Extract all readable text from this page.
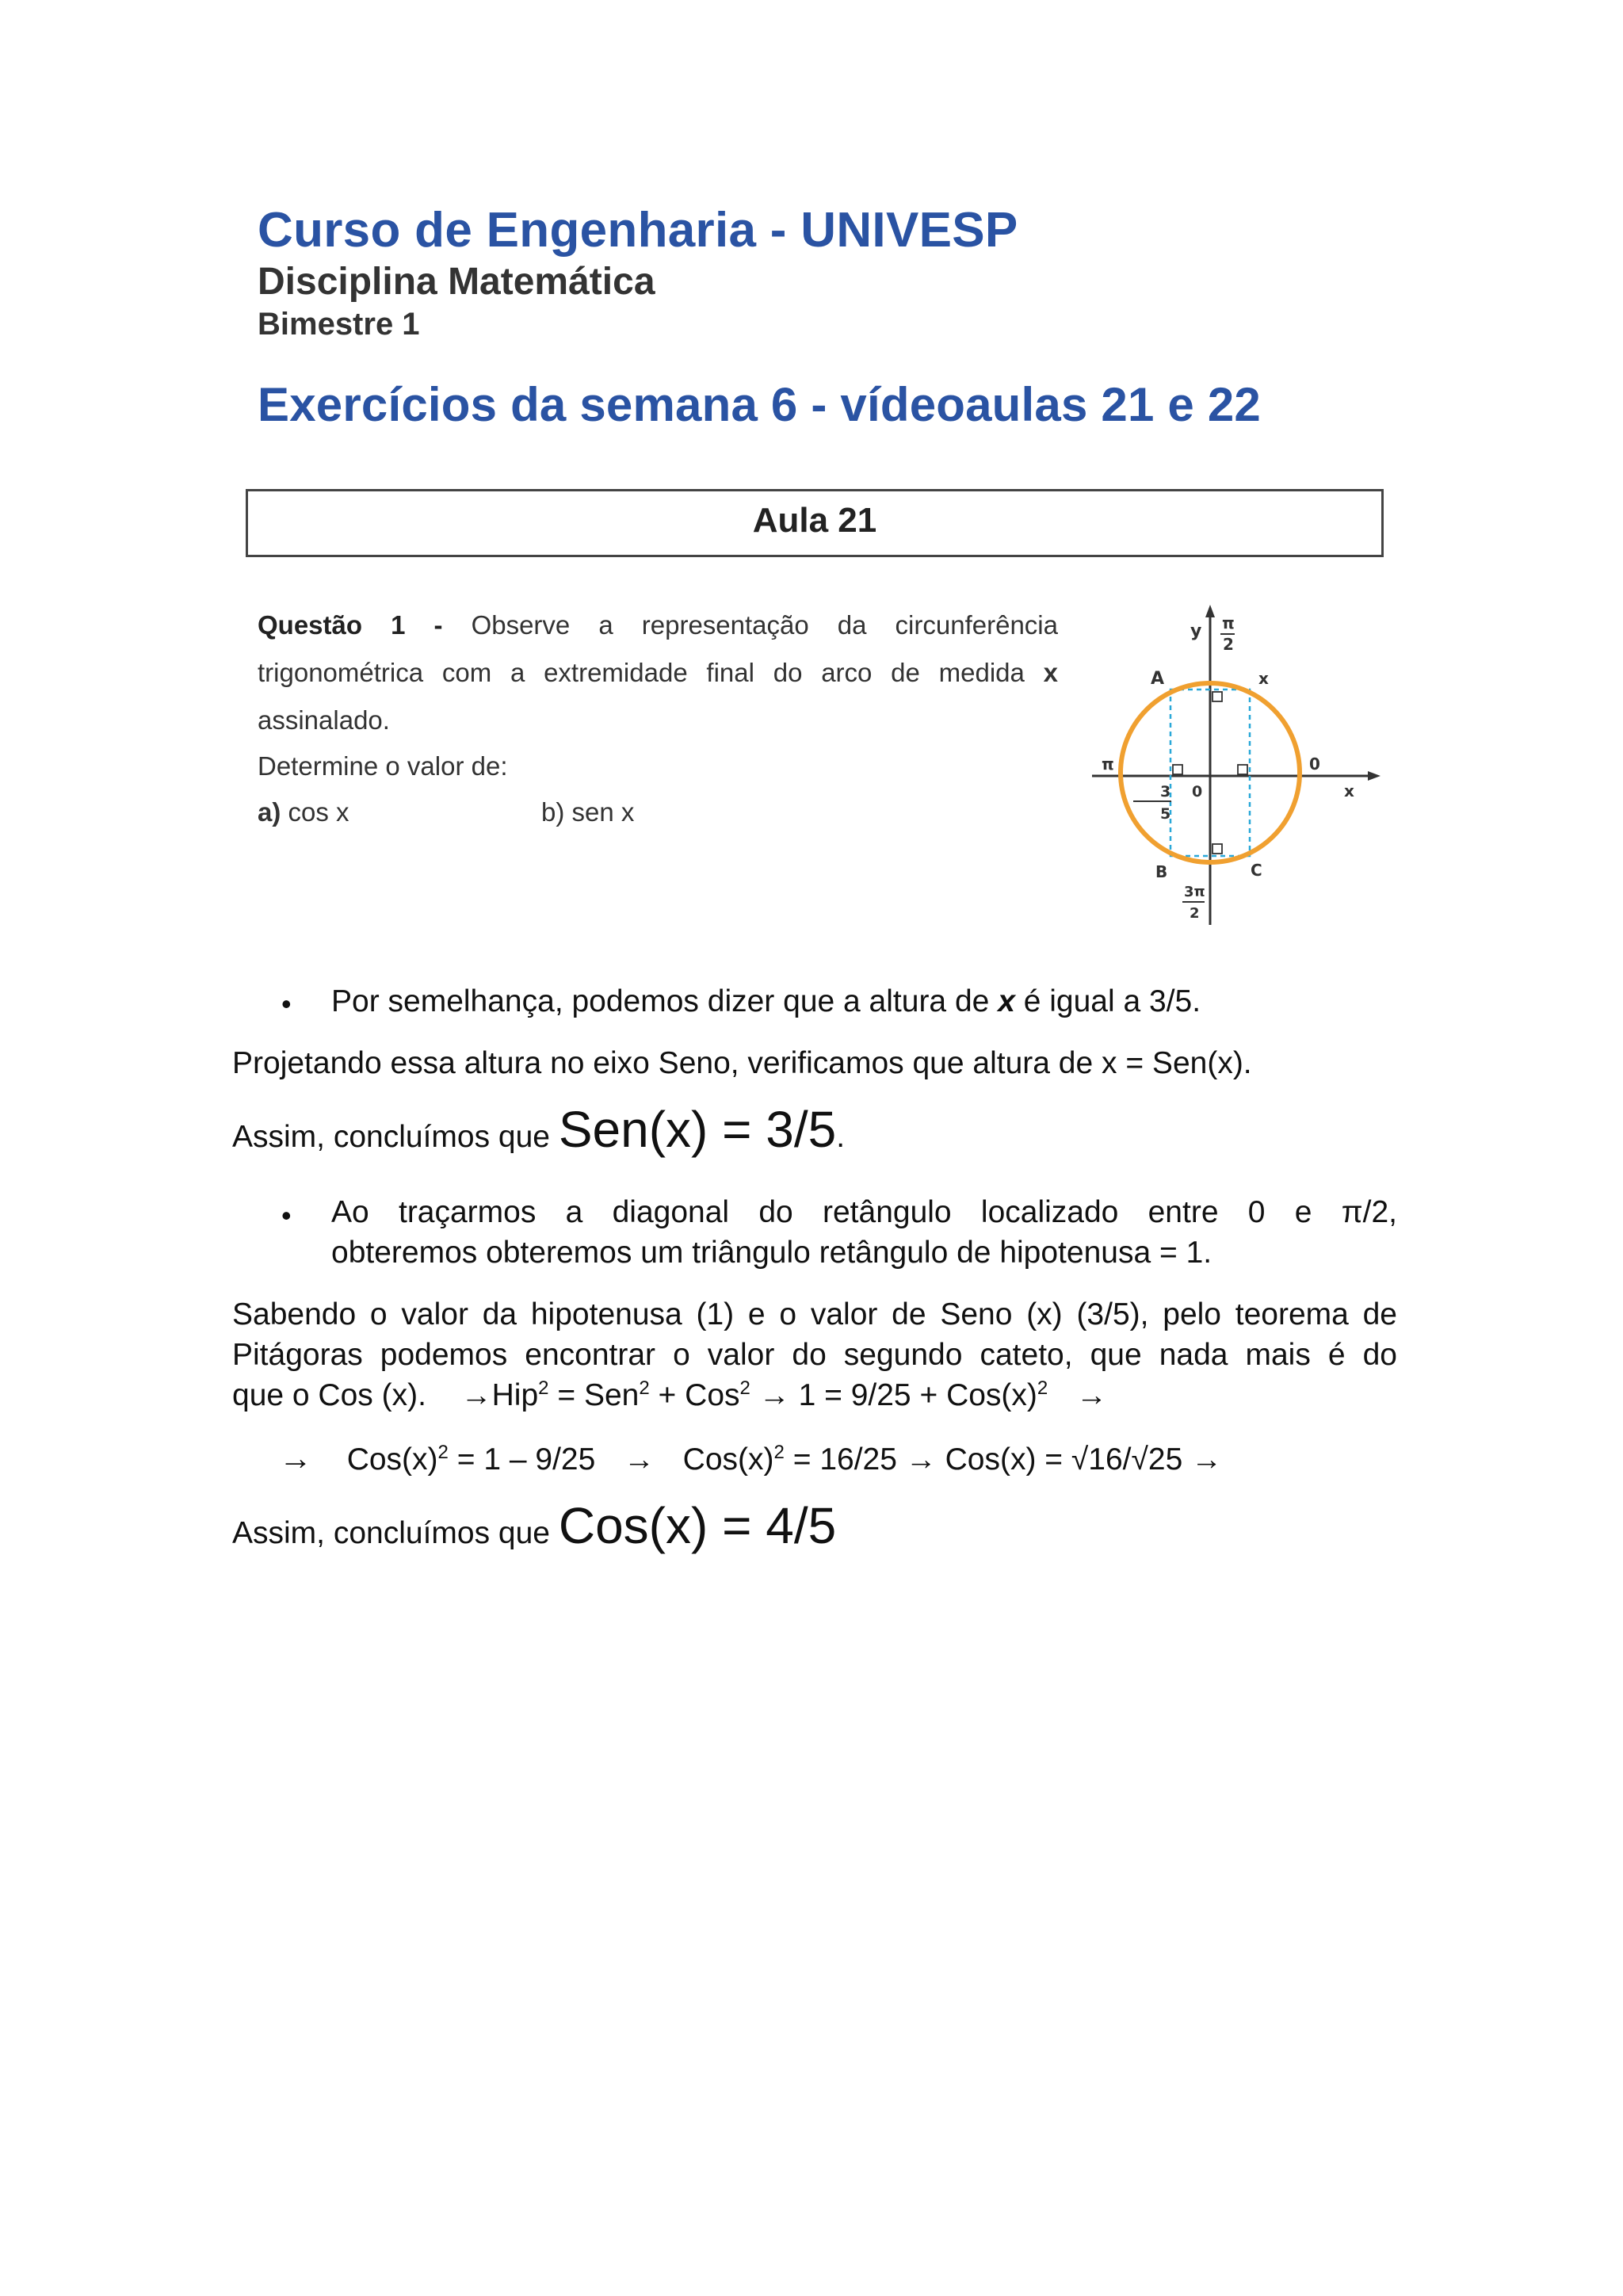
Curso de Engenharia - UNIVESP
Disciplina Matemática
Bimestre 1
Exercícios da semana 6 - vídeoaulas 21 e 22
Aula 21
Questão 1 - Observe a representação da circunferência
trigonométrica com a extremidade final do arco de medida x
assinalado.
Determine o valor de:
a) cos x	b) sen x
y π
2
A	x
π	0
x
3
5
0
B	C
3π
2
• Por semelhança, podemos dizer que a altura de x é igual a 3/5.
Projetando essa altura no eixo Seno, verificamos que altura de x = Sen(x).
Assim, concluímos que Sen(x) = 3/5.
• Ao traçarmos a diagonal do retângulo localizado entre 0 e π/2,
obteremos obteremos um triângulo retângulo de hipotenusa = 1.
Sabendo o valor da hipotenusa (1) e o valor de Seno (x) (3/5), pelo teorema de
Pitágoras podemos encontrar o valor do segundo cateto, que nada mais é do
que o Cos (x). $\to Hip^2 = Sen^2 + Cos^2 \to 1 = 9/25 + Cos(x)^2$ →
→ $Cos(x)^2 = 1 - 9/25 \to Cos(x)^2 = 16/25 \to Cos(x) = √16/√25$ →
Assim, concluímos que Cos(x) = 4/5
